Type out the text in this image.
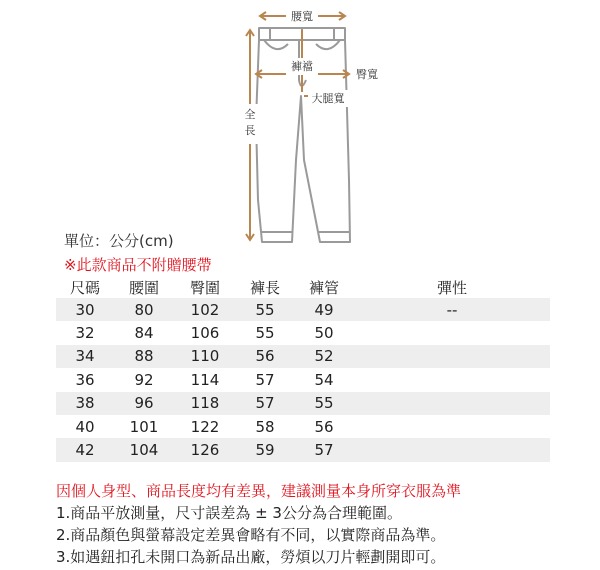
腰寬
褲襠
臀寬
大腿寬
全
長
單位：公分(cm)
※此款商品不附贈腰帶
尺碼	腰圍	臀圍	褲長	褲管	彈性
30	80	102	55	49	--
32	84	106	55	50	
34	88	110	56	52	
36	92	114	57	54	
38	96	118	57	55	
40	101	122	58	56	
42	104	126	59	57	
因個人身型、商品長度均有差異，建議測量本身所穿衣服為準
1.商品平放測量，尺寸誤差為 ± 3公分為合理範圍。
2.商品顏色與螢幕設定差異會略有不同，以實際商品為準。
3.如遇鈕扣孔未開口為新品出廠，勞煩以刀片輕劃開即可。
